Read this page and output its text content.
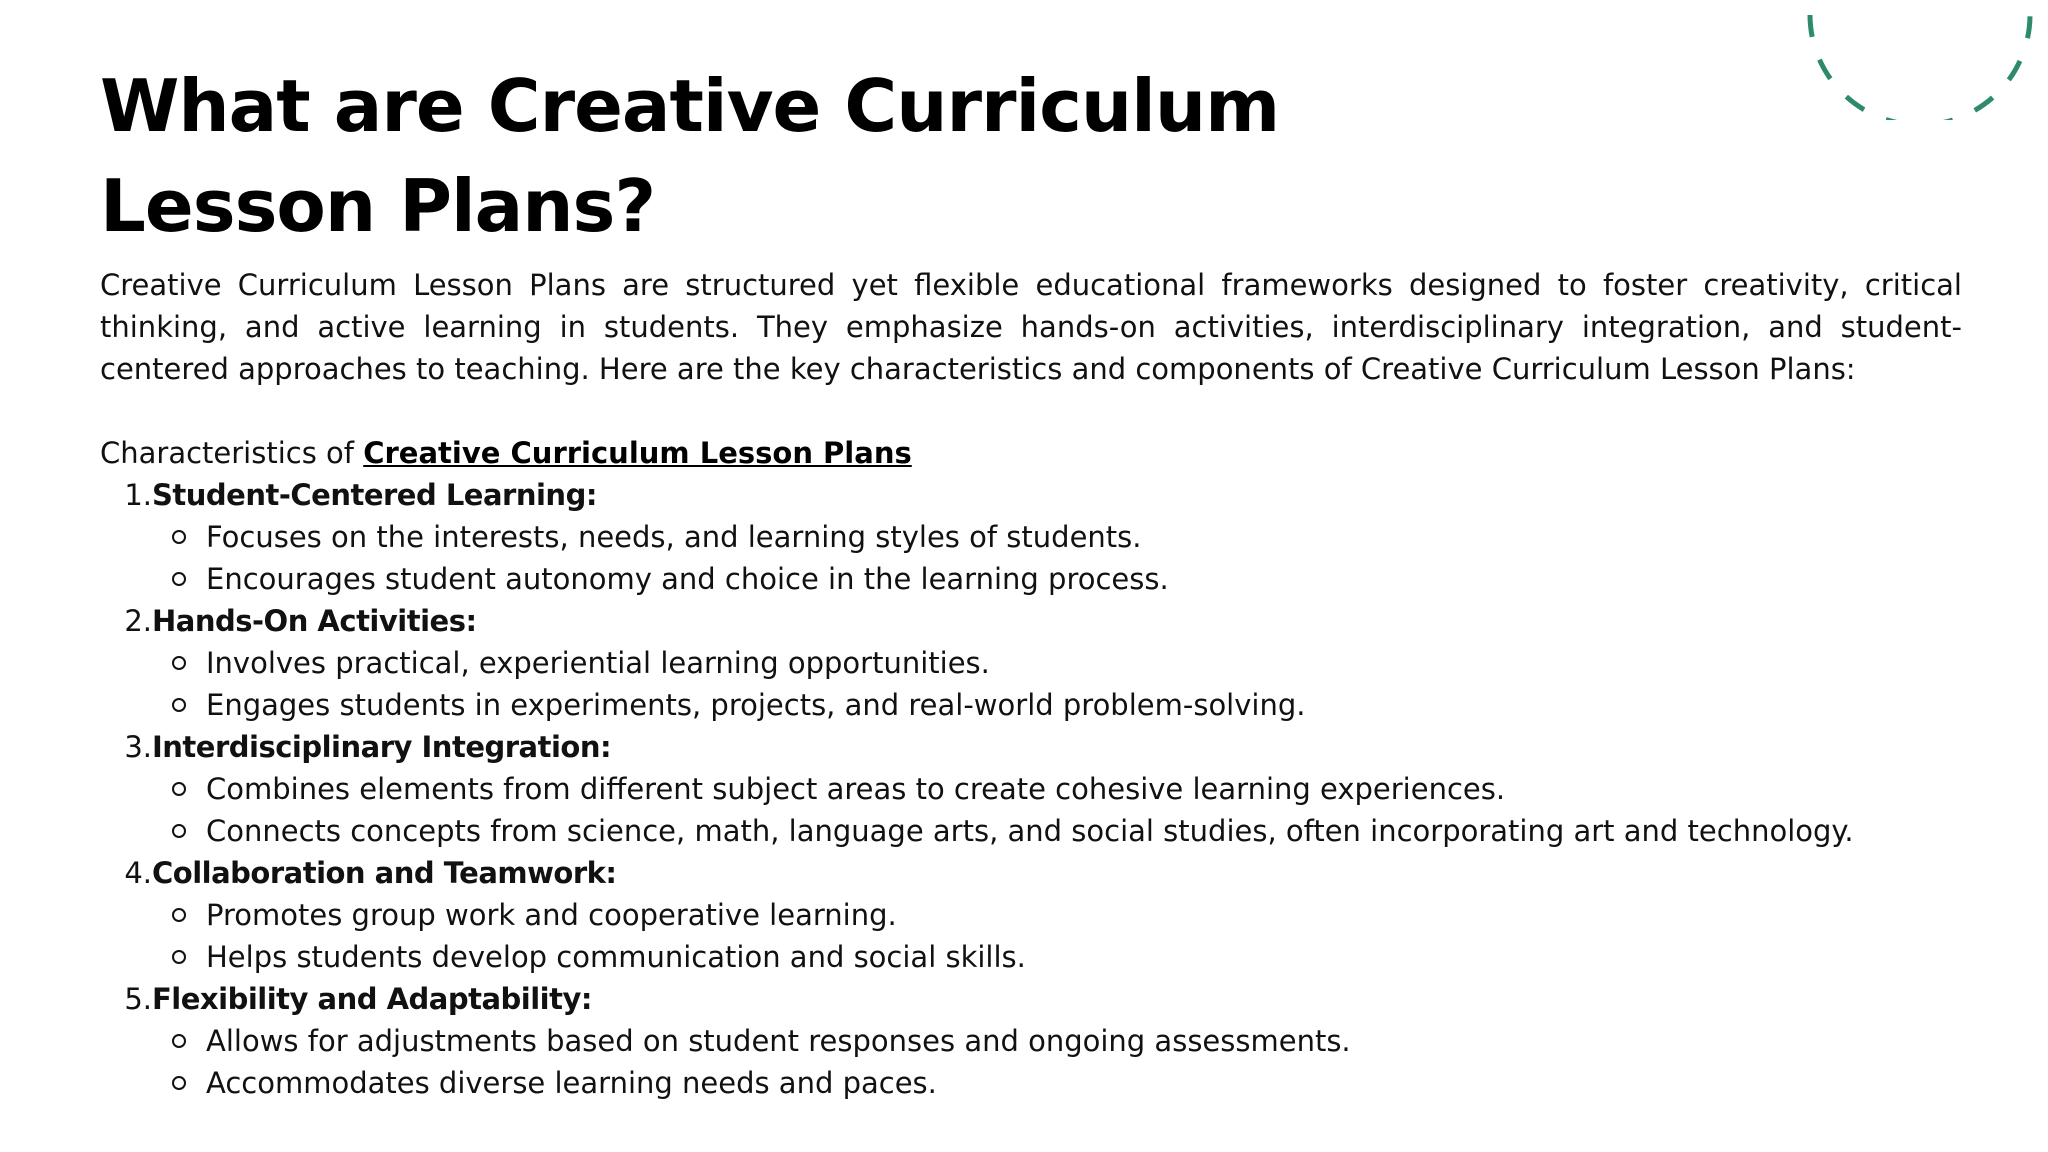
What are Creative Curriculum
Lesson Plans?

Creative Curriculum Lesson Plans are structured yet flexible educational frameworks designed to foster creativity, critical thinking, and active learning in students. They emphasize hands-on activities, interdisciplinary integration, and student-centered approaches to teaching. Here are the key characteristics and components of Creative Curriculum Lesson Plans:

Characteristics of Creative Curriculum Lesson Plans
1. Student-Centered Learning:
Focuses on the interests, needs, and learning styles of students.
Encourages student autonomy and choice in the learning process.
2. Hands-On Activities:
Involves practical, experiential learning opportunities.
Engages students in experiments, projects, and real-world problem-solving.
3. Interdisciplinary Integration:
Combines elements from different subject areas to create cohesive learning experiences.
Connects concepts from science, math, language arts, and social studies, often incorporating art and technology.
4. Collaboration and Teamwork:
Promotes group work and cooperative learning.
Helps students develop communication and social skills.
5. Flexibility and Adaptability:
Allows for adjustments based on student responses and ongoing assessments.
Accommodates diverse learning needs and paces.
